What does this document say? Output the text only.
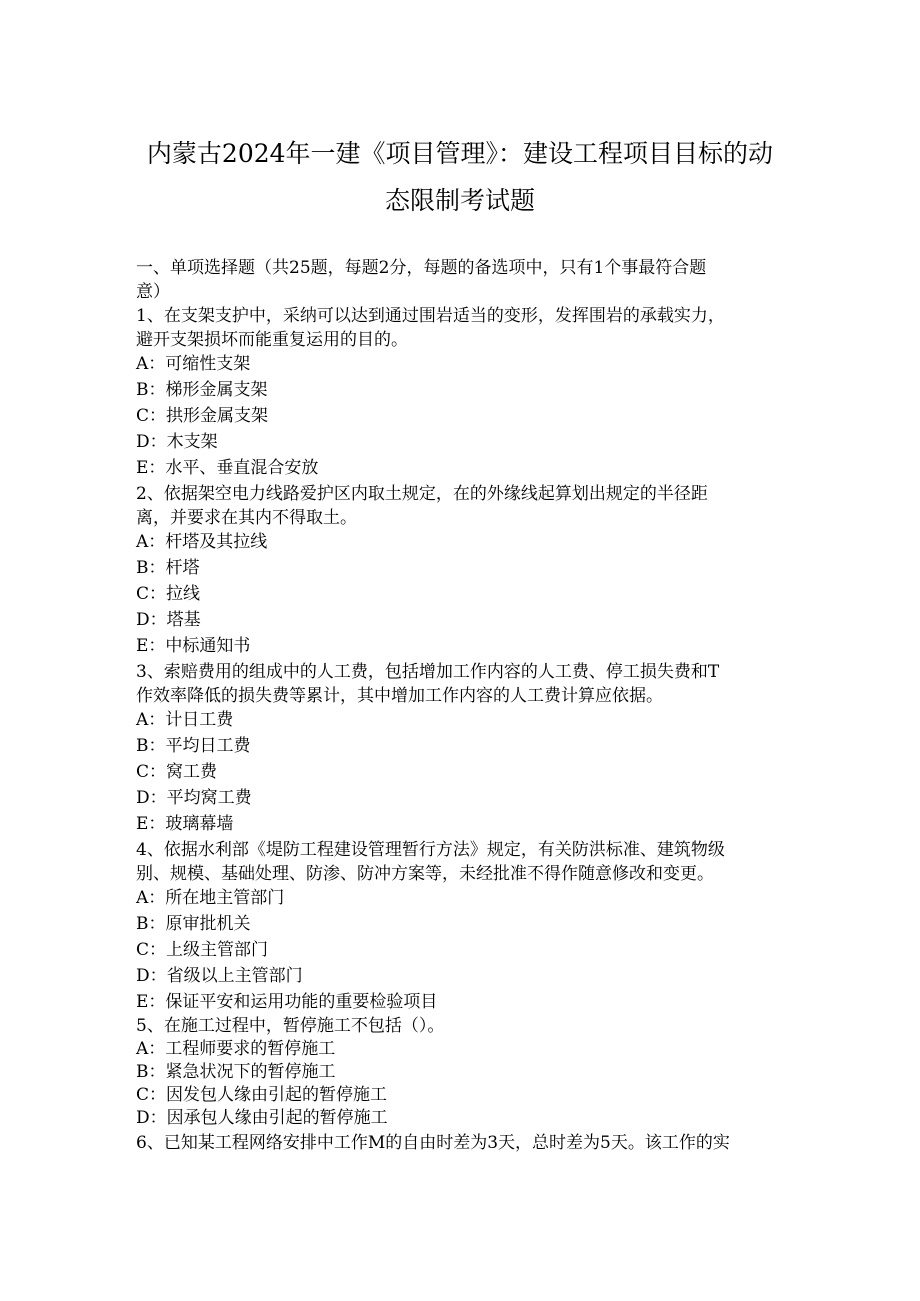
内蒙古2024年一建《项目管理》：建设工程项目目标的动
态限制考试题
一、单项选择题（共25题，每题2分，每题的备选项中，只有1个事最符合题
意）
1、在支架支护中，采纳可以达到通过围岩适当的变形，发挥围岩的承载实力，
避开支架损坏而能重复运用的目的。
A：可缩性支架
B：梯形金属支架
C：拱形金属支架
D：木支架
E：水平、垂直混合安放
2、依据架空电力线路爱护区内取土规定，在的外缘线起算划出规定的半径距
离，并要求在其内不得取土。
A：杆塔及其拉线
B：杆塔
C：拉线
D：塔基
E：中标通知书
3、索赔费用的组成中的人工费，包括增加工作内容的人工费、停工损失费和T
作效率降低的损失费等累计，其中增加工作内容的人工费计算应依据。
A：计日工费
B：平均日工费
C：窝工费
D：平均窝工费
E：玻璃幕墙
4、依据水利部《堤防工程建设管理暂行方法》规定，有关防洪标准、建筑物级
别、规模、基础处理、防渗、防冲方案等，未经批准不得作随意修改和变更。
A：所在地主管部门
B：原审批机关
C：上级主管部门
D：省级以上主管部门
E：保证平安和运用功能的重要检验项目
5、在施工过程中，暂停施工不包括（）。
A：工程师要求的暂停施工
B：紧急状况下的暂停施工
C：因发包人缘由引起的暂停施工
D：因承包人缘由引起的暂停施工
6、已知某工程网络安排中工作M的自由时差为3天，总时差为5天。该工作的实
